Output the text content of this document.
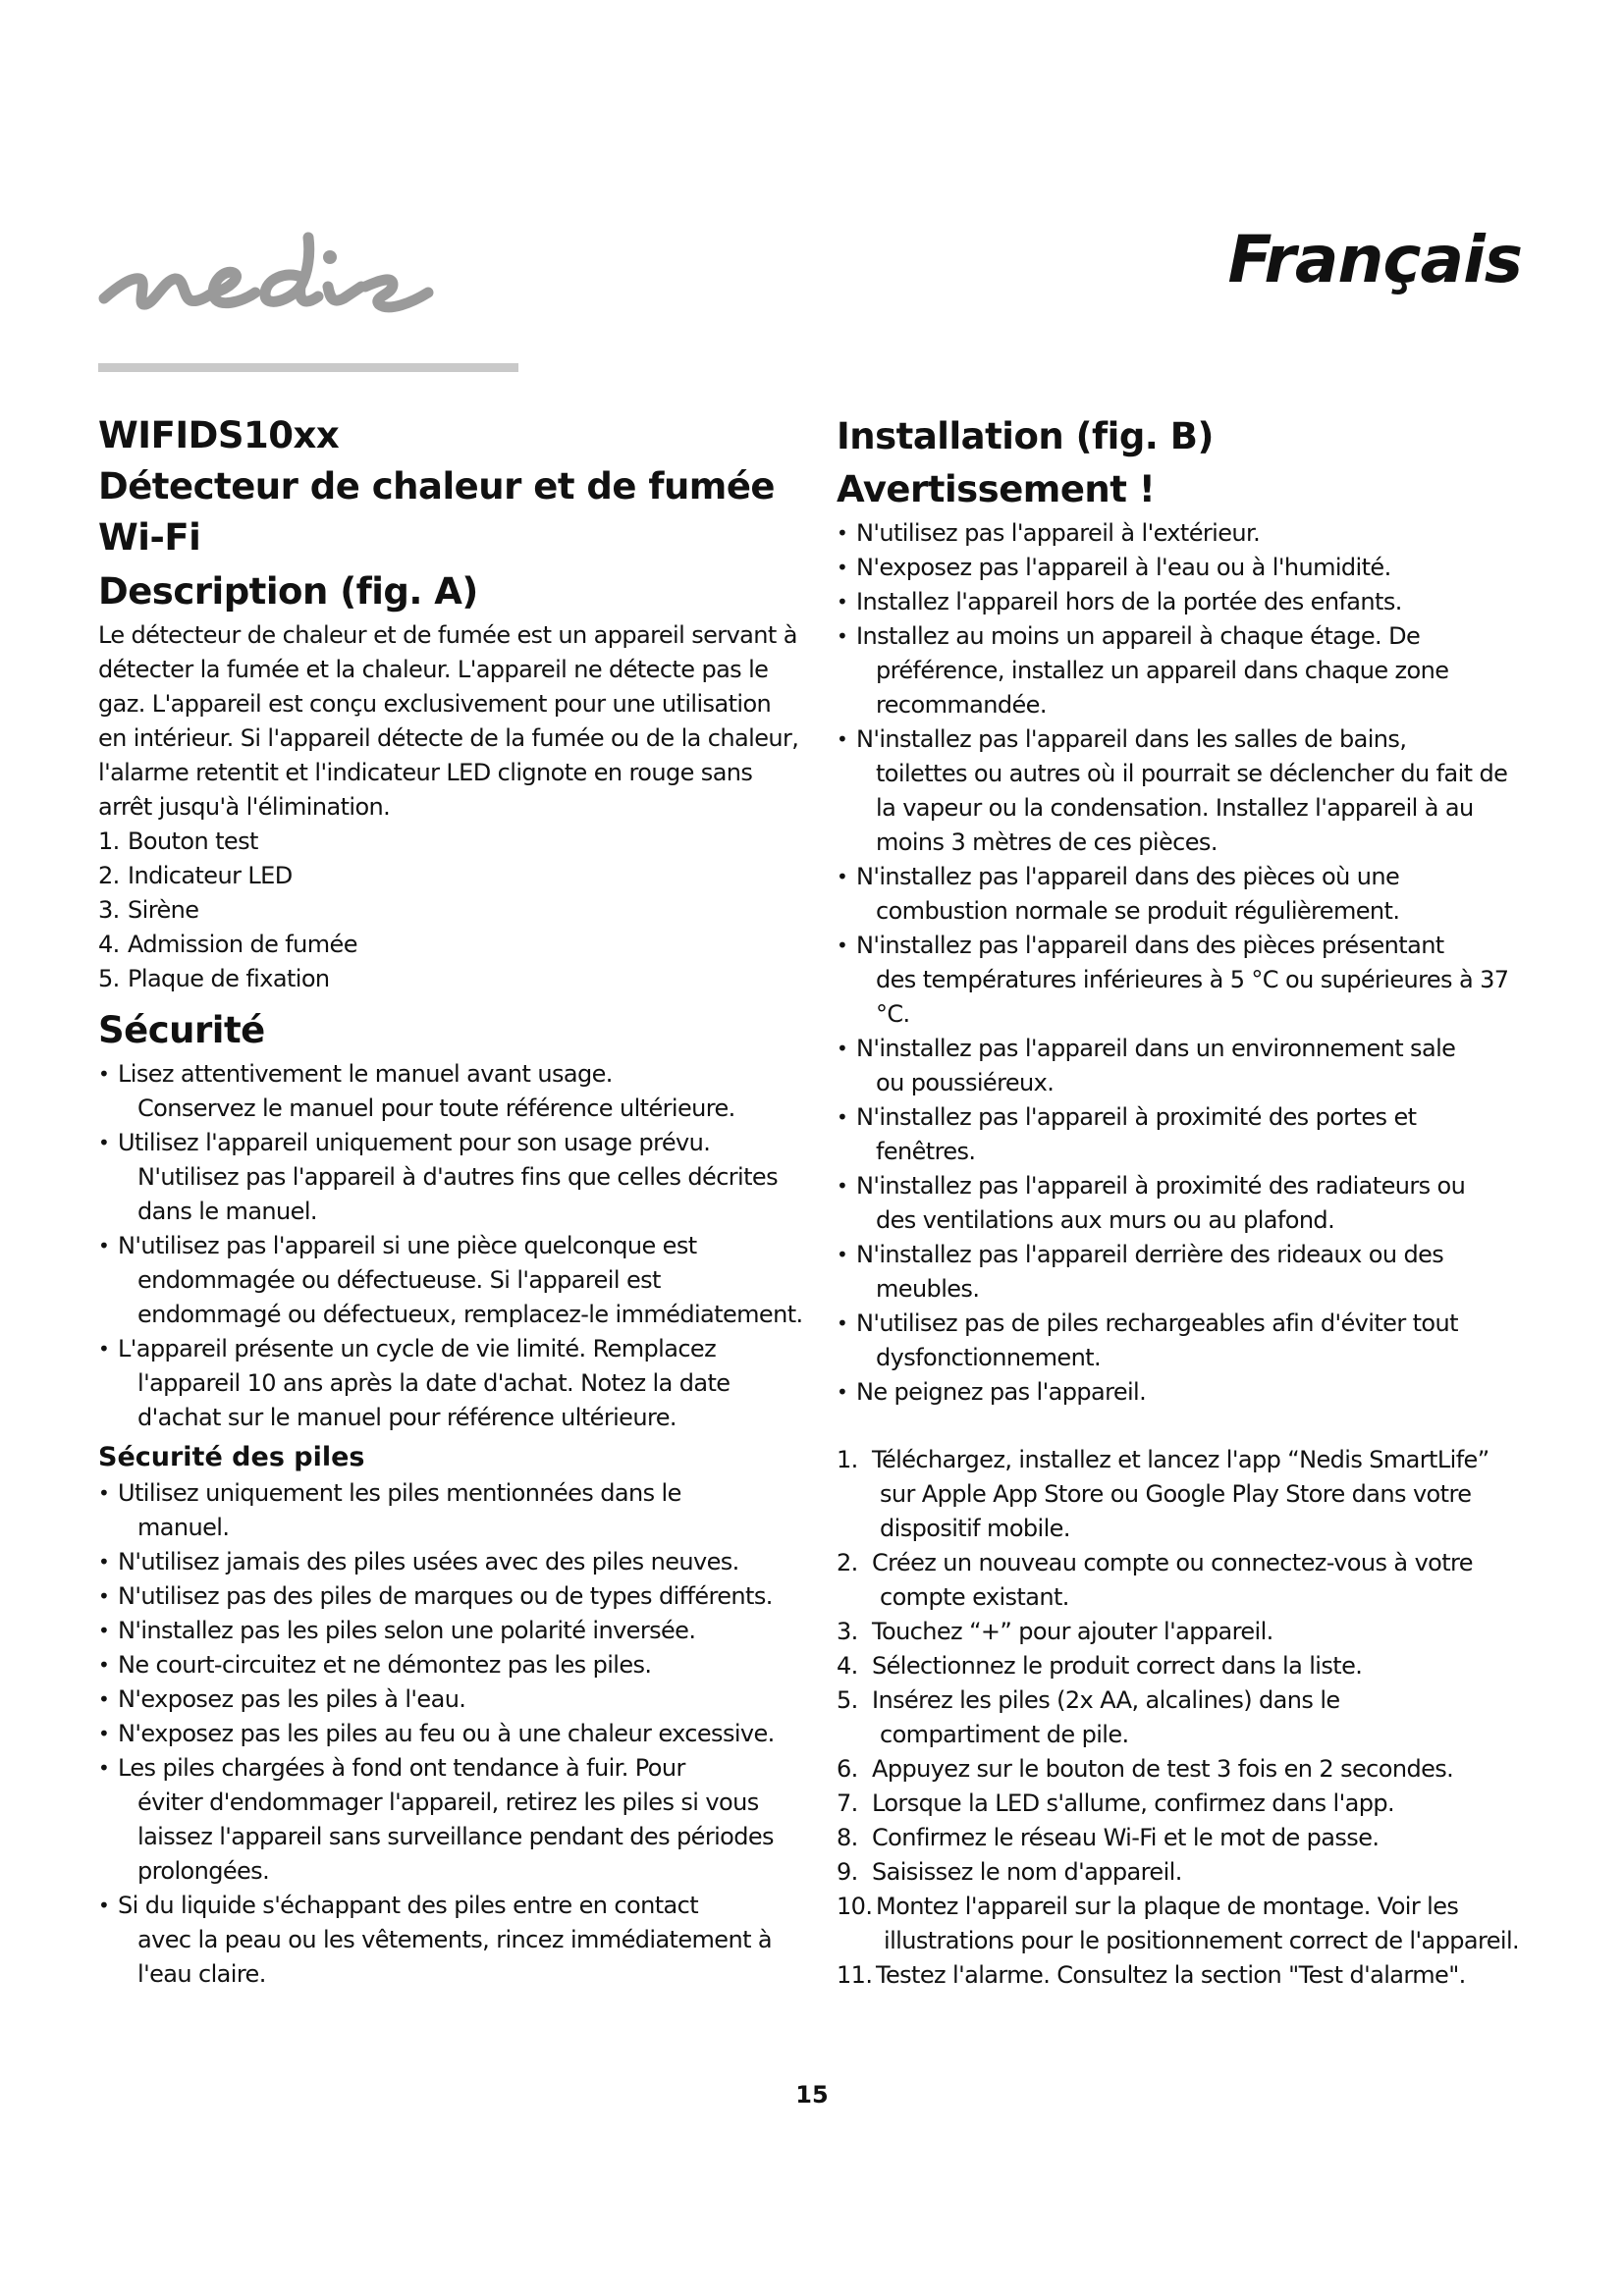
Français
WIFIDS10xx
Détecteur de chaleur et de fumée
Wi-Fi
Description (fig. A)

Le détecteur de chaleur et de fumée est un appareil servant à détecter la fumée et la chaleur. L'appareil ne détecte pas le gaz. L'appareil est conçu exclusivement pour une utilisation en intérieur. Si l'appareil détecte de la fumée ou de la chaleur, l'alarme retentit et l'indicateur LED clignote en rouge sans arrêt jusqu'à l'élimination.

1. Bouton test
2. Indicateur LED
3. Sirène
4. Admission de fumée
5. Plaque de fixation
Sécurité
• Lisez attentivement le manuel avant usage.
Conservez le manuel pour toute référence ultérieure.
• Utilisez l'appareil uniquement pour son usage prévu.
N'utilisez pas l'appareil à d'autres fins que celles décrites dans le manuel.
• N'utilisez pas l'appareil si une pièce quelconque est
endommagée ou défectueuse. Si l'appareil est endommagé ou défectueux, remplacez-le immédiatement.
• L'appareil présente un cycle de vie limité. Remplacez
l'appareil 10 ans après la date d'achat. Notez la date d'achat sur le manuel pour référence ultérieure.
Sécurité des piles
• Utilisez uniquement les piles mentionnées dans le
manuel.
• N'utilisez jamais des piles usées avec des piles neuves.
• N'utilisez pas des piles de marques ou de types différents.
• N'installez pas les piles selon une polarité inversée.
• Ne court-circuitez et ne démontez pas les piles.
• N'exposez pas les piles à l'eau.
• N'exposez pas les piles au feu ou à une chaleur excessive.
• Les piles chargées à fond ont tendance à fuir. Pour
éviter d'endommager l'appareil, retirez les piles si vous laissez l'appareil sans surveillance pendant des périodes prolongées.
• Si du liquide s'échappant des piles entre en contact
avec la peau ou les vêtements, rincez immédiatement à l'eau claire.
Installation (fig. B)
Avertissement !
• N'utilisez pas l'appareil à l'extérieur.
• N'exposez pas l'appareil à l'eau ou à l'humidité.
• Installez l'appareil hors de la portée des enfants.
• Installez au moins un appareil à chaque étage. De
préférence, installez un appareil dans chaque zone recommandée.
• N'installez pas l'appareil dans les salles de bains,
toilettes ou autres où il pourrait se déclencher du fait de la vapeur ou la condensation. Installez l'appareil à au moins 3 mètres de ces pièces.
• N'installez pas l'appareil dans des pièces où une
combustion normale se produit régulièrement.
• N'installez pas l'appareil dans des pièces présentant
des températures inférieures à 5 °C ou supérieures à 37 °C.
• N'installez pas l'appareil dans un environnement sale
ou poussiéreux.
• N'installez pas l'appareil à proximité des portes et
fenêtres.
• N'installez pas l'appareil à proximité des radiateurs ou
des ventilations aux murs ou au plafond.
• N'installez pas l'appareil derrière des rideaux ou des
meubles.
• N'utilisez pas de piles rechargeables afin d'éviter tout
dysfonctionnement.
• Ne peignez pas l'appareil.
1. Téléchargez, installez et lancez l'app “Nedis SmartLife”
sur Apple App Store ou Google Play Store dans votre dispositif mobile.
2. Créez un nouveau compte ou connectez-vous à votre
compte existant.
3. Touchez “+” pour ajouter l'appareil.
4. Sélectionnez le produit correct dans la liste.
5. Insérez les piles (2x AA, alcalines) dans le
compartiment de pile.
6. Appuyez sur le bouton de test 3 fois en 2 secondes.
7. Lorsque la LED s'allume, confirmez dans l'app.
8. Confirmez le réseau Wi-Fi et le mot de passe.
9. Saisissez le nom d'appareil.
10. Montez l'appareil sur la plaque de montage. Voir les
illustrations pour le positionnement correct de l'appareil.
11. Testez l'alarme. Consultez la section "Test d'alarme".
15
